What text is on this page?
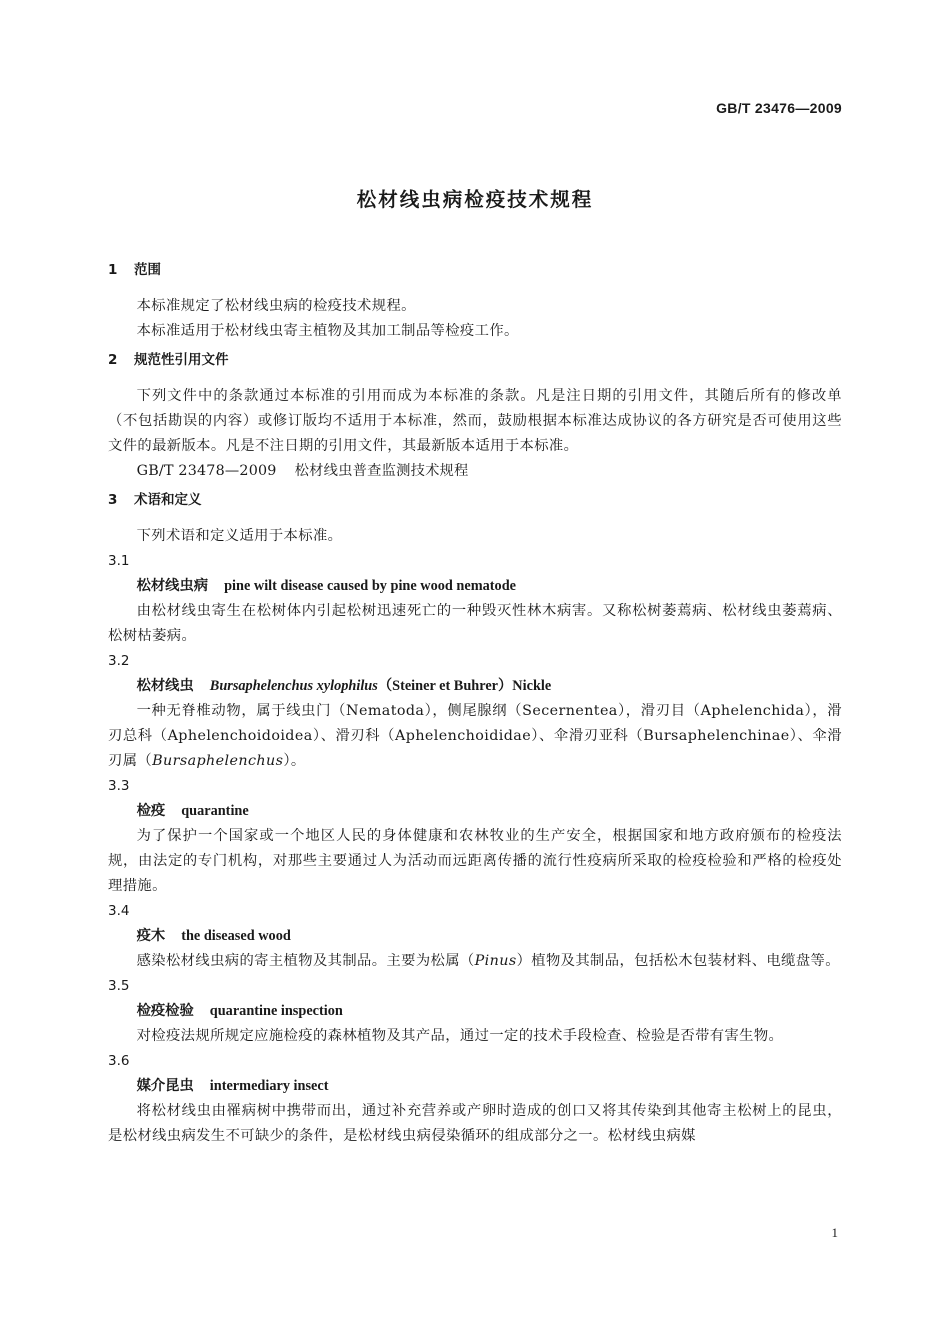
GB/T 23476—2009
松材线虫病检疫技术规程
1 范围
本标准规定了松材线虫病的检疫技术规程。
本标准适用于松材线虫寄主植物及其加工制品等检疫工作。
2 规范性引用文件
下列文件中的条款通过本标准的引用而成为本标准的条款。凡是注日期的引用文件，其随后所有的修改单（不包括勘误的内容）或修订版均不适用于本标准，然而，鼓励根据本标准达成协议的各方研究是否可使用这些文件的最新版本。凡是不注日期的引用文件，其最新版本适用于本标准。
GB/T 23478—2009 松材线虫普查监测技术规程
3 术语和定义
下列术语和定义适用于本标准。
3.1
松材线虫病 pine wilt disease caused by pine wood nematode
由松材线虫寄生在松树体内引起松树迅速死亡的一种毁灭性林木病害。又称松树萎蔫病、松材线虫萎蔫病、松树枯萎病。
3.2
松材线虫 Bursaphelenchus xylophilus（Steiner et Buhrer）Nickle
一种无脊椎动物，属于线虫门（Nematoda），侧尾腺纲（Secernentea），滑刃目（Aphelenchida），滑刃总科（Aphelenchoidoidea）、滑刃科（Aphelenchoididae）、伞滑刃亚科（Bursaphelenchinae）、伞滑刃属（Bursaphelenchus）。
3.3
检疫 quarantine
为了保护一个国家或一个地区人民的身体健康和农林牧业的生产安全，根据国家和地方政府颁布的检疫法规，由法定的专门机构，对那些主要通过人为活动而远距离传播的流行性疫病所采取的检疫检验和严格的检疫处理措施。
3.4
疫木 the diseased wood
感染松材线虫病的寄主植物及其制品。主要为松属（Pinus）植物及其制品，包括松木包装材料、电缆盘等。
3.5
检疫检验 quarantine inspection
对检疫法规所规定应施检疫的森林植物及其产品，通过一定的技术手段检查、检验是否带有害生物。
3.6
媒介昆虫 intermediary insect
将松材线虫由罹病树中携带而出，通过补充营养或产卵时造成的创口又将其传染到其他寄主松树上的昆虫，是松材线虫病发生不可缺少的条件，是松材线虫病侵染循环的组成部分之一。松材线虫病媒
1
